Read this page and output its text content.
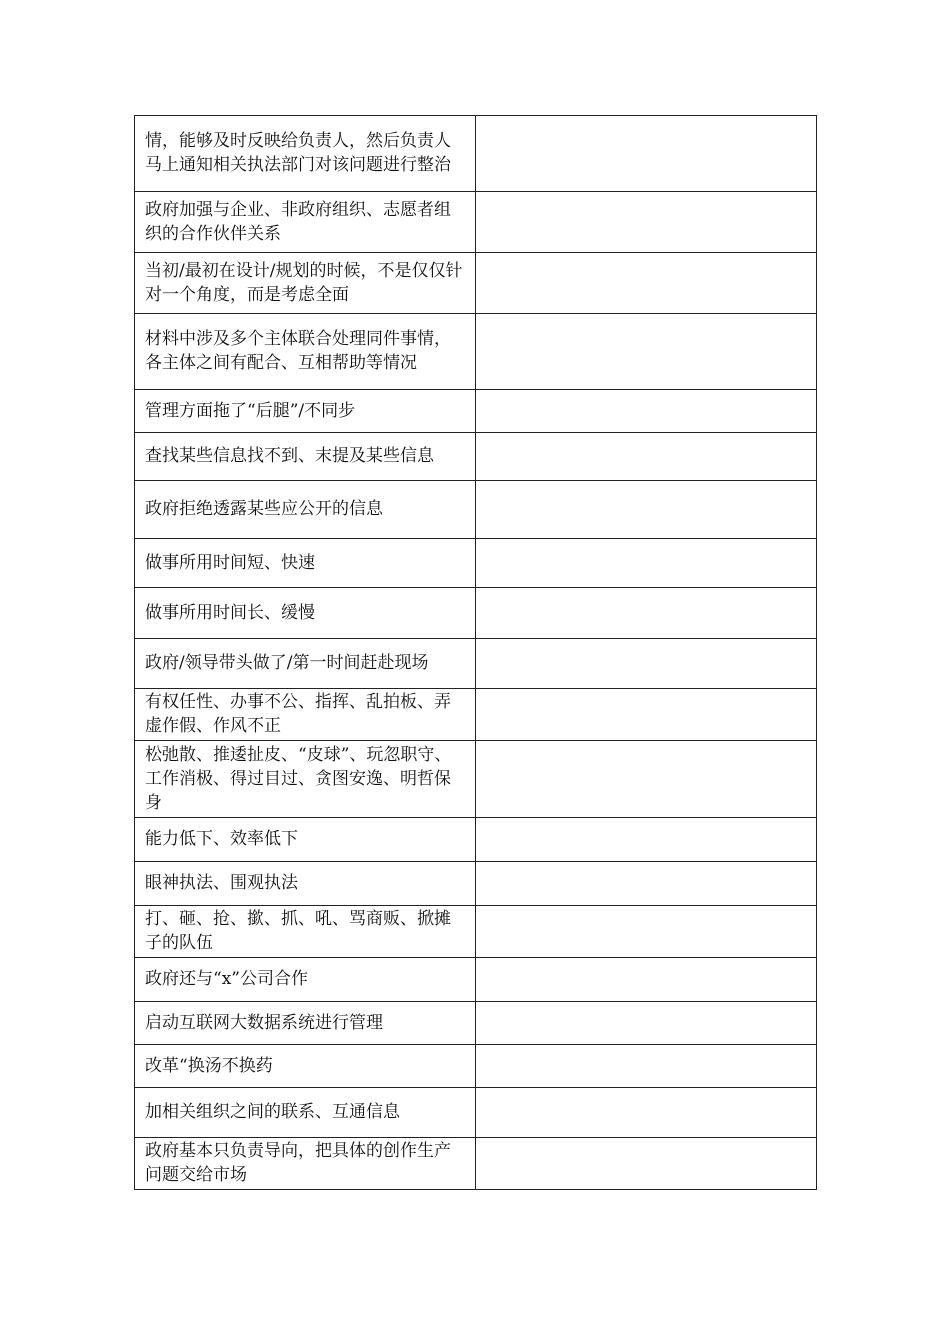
情，能够及时反映给负责人，然后负责人马上通知相关执法部门对该问题进行整治	
政府加强与企业、非政府组织、志愿者组织的合作伙伴关系	
当初/最初在设计/规划的时候，不是仅仅针对一个角度，而是考虑全面	
材料中涉及多个主体联合处理同件事情，各主体之间有配合、互相帮助等情况	
管理方面拖了“后腿”/不同步	
查找某些信息找不到、末提及某些信息	
政府拒绝透露某些应公开的信息	
做事所用时间短、快速	
做事所用时间长、缓慢	
政府/领导带头做了/第一时间赶赴现场	
有权任性、办事不公、指挥、乱拍板、弄虚作假、作风不正	
松弛散、推逶扯皮、“皮球”、玩忽职守、工作消极、得过目过、贪图安逸、明哲保身	
能力低下、效率低下	
眼神执法、围观执法	
打、砸、抢、撳、抓、吼、骂商贩、掀摊子的队伍	
政府还与“x”公司合作	
启动互联网大数据系统进行管理	
改革“换汤不换药	
加相关组织之间的联系、互通信息	
政府基本只负责导向，把具体的创作生产问题交给市场	
